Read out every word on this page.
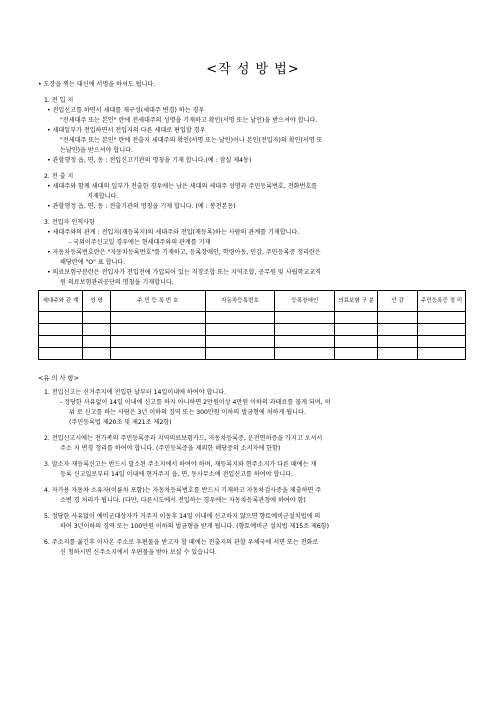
<작 성 방 법>
• 도장을 찍는 대신에 서명을 하셔도 됩니다.
1. 전 입 지
• 전입신고를 하면서 세대를 재구성(세대주 변경) 하는 경우
"전세대주 또는 본인" 란에 전세대주의 성명을 기재하고 확인(서명 또는 날인)을 받으셔야 합니다.
• 세대일부가 전입하면서 전입지의 다른 세대로 편입할 경우
"전세대주 또는 본인" 란에 전출지 세대주의 확인(서명 또는 날인)이나 본인(전입자)의 확인(서명 또
는날인)을 받으셔야 합니다.
• 관할행정 읍, 면, 동 : 전입신고기관의 명칭을 기재 합니다.(예 : 잠실 제4동)
2. 전 출 지
• 세대주와 함께 세대의 일부가 전출한 경우에는 남은 세대의 세대주 성명과 주민등록번호, 전화번호를
기재합니다.
• 관할행정 읍, 면, 동 : 전출기관의 명칭을 기재 합니다. (예 : 봉천본동)
3. 전입자 인적사항
• 세대주와의 관계 : 전입지(재등록지)의 세대주와 전입(재등록)하는 사람의 관계를 기재합니다.
- 국외이주신고일 경우에는 현세대주와의 관계를 기재
• 자동차등록번호란은 "자동차등록번호"를 기재하고, 등록장애인, 학령아동, 인감, 주민등록증 정리란은
해당란에 "O" 표 합니다.
• 의료보험구분란은 전입자가 전입전에 가입되어 있는 직장조합 또는 지역조합, 공무원 및 사립학교교직
원 의료보험관리공단의 명칭을 기재합니다.
세대주와 관 계	성 명	주 민 등 록 번 호	자동차등록번호	등록장애인	의료보험 구 분	인 감	주민등록증 정 리

<유 의 사 항>
1. 전입신고는 신거주지에 전입한 날부터 14일이내에 하여야 합니다.
- 정당한 사유없이 14일 이내에 신고를 하지 아니하면 2만원이상 4만원 이하의 과태료를 물게 되며, 허
위 로 신고를 하는 사람은 3년 이하의 징역 또는 300만원 이하의 벌금형에 처하게 됩니다.
(주민등록법 제20조 및 제21조 제2항)
2. 전입신고시에는 전가족의 주민등록증과 지역의료보험카드, 자동차등록증, 운전면허증을 가지고 오셔서
주소 지 변경 정리를 하여야 합니다. (주민등록증을 제외한 해당증의 소지자에 한함)
3. 말소자 재등록신고는 반드시 말소된 주소지에서 하여야 하며, 재등록지와 현주소지가 다른 때에는 재
등록 신고일로부터 14일 이내에 현거주지 읍, 면, 동사무소에 전입신고를 하여야 합니다.
4. 자가용 자동차 소유자(이륜차 포함)는 자동차등록번호를 반드시 기재하고 자동차검사증을 제출하면 주
소변 경 처리가 됩니다. (다만, 다른시도에서 전입하는 경우에는 자동차등록관청에 하여야 함)
5. 정당한 사유없이 예비군대상자가 거주지 이동후 14일 이내에 신고하지 않으면 향토예비군설치법에 의
하여 3년이하의 징역 또는 100만원 이하의 벌금형을 받게 됩니다. (향토예비군 설치법 제15조 제6항)
6. 주소지를 옮긴후 이사온 주소로 우편물을 받고자 할 때에는 전출지의 관할 우체국에 서면 또는 전화로
신 청하시면 신주소지에서 우편물을 받아 보실 수 있습니다.
